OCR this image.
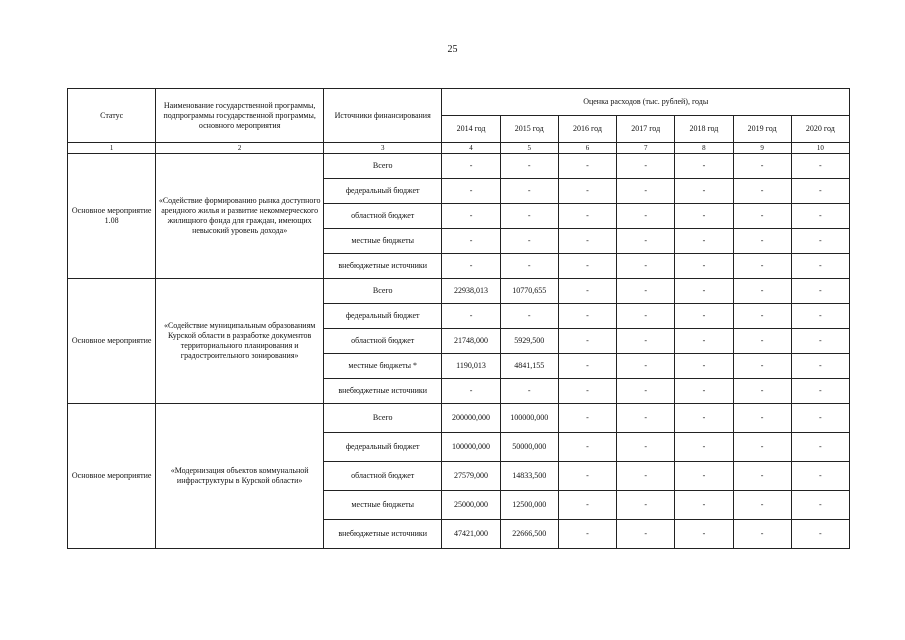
25
Статус	Наименование государственной программы, подпрограммы государственной программы, основного мероприятия	Источники финансирования	Оценка расходов (тыс. рублей), годы						
			2014 год	2015 год	2016 год	2017 год	2018 год	2019 год	2020 год
1	2	3	4	5	6	7	8	9	10
Основное мероприятие 1.08	«Содействие формированию рынка доступного арендного жилья и развитие некоммерческого жилищного фонда для граждан, имеющих невысокий уровень дохода»	Всего	-	-	-	-	-	-	-
		федеральный бюджет	-	-	-	-	-	-	-
		областной бюджет	-	-	-	-	-	-	-
		местные бюджеты	-	-	-	-	-	-	-
		внебюджетные источники	-	-	-	-	-	-	-
Основное мероприятие	«Содействие муниципальным образованиям Курской области в разработке документов территориального планирования и градостроительного зонирования»	Всего	22938,013	10770,655	-	-	-	-	-
		федеральный бюджет	-	-	-	-	-	-	-
		областной бюджет	21748,000	5929,500	-	-	-	-	-
		местные бюджеты *	1190,013	4841,155	-	-	-	-	-
		внебюджетные источники	-	-	-	-	-	-	-
Основное мероприятие	«Модернизация объектов коммунальной инфраструктуры в Курской области»	Всего	200000,000	100000,000	-	-	-	-	-
		федеральный бюджет	100000,000	50000,000	-	-	-	-	-
		областной бюджет	27579,000	14833,500	-	-	-	-	-
		местные бюджеты	25000,000	12500,000	-	-	-	-	-
		внебюджетные источники	47421,000	22666,500	-	-	-	-	-
